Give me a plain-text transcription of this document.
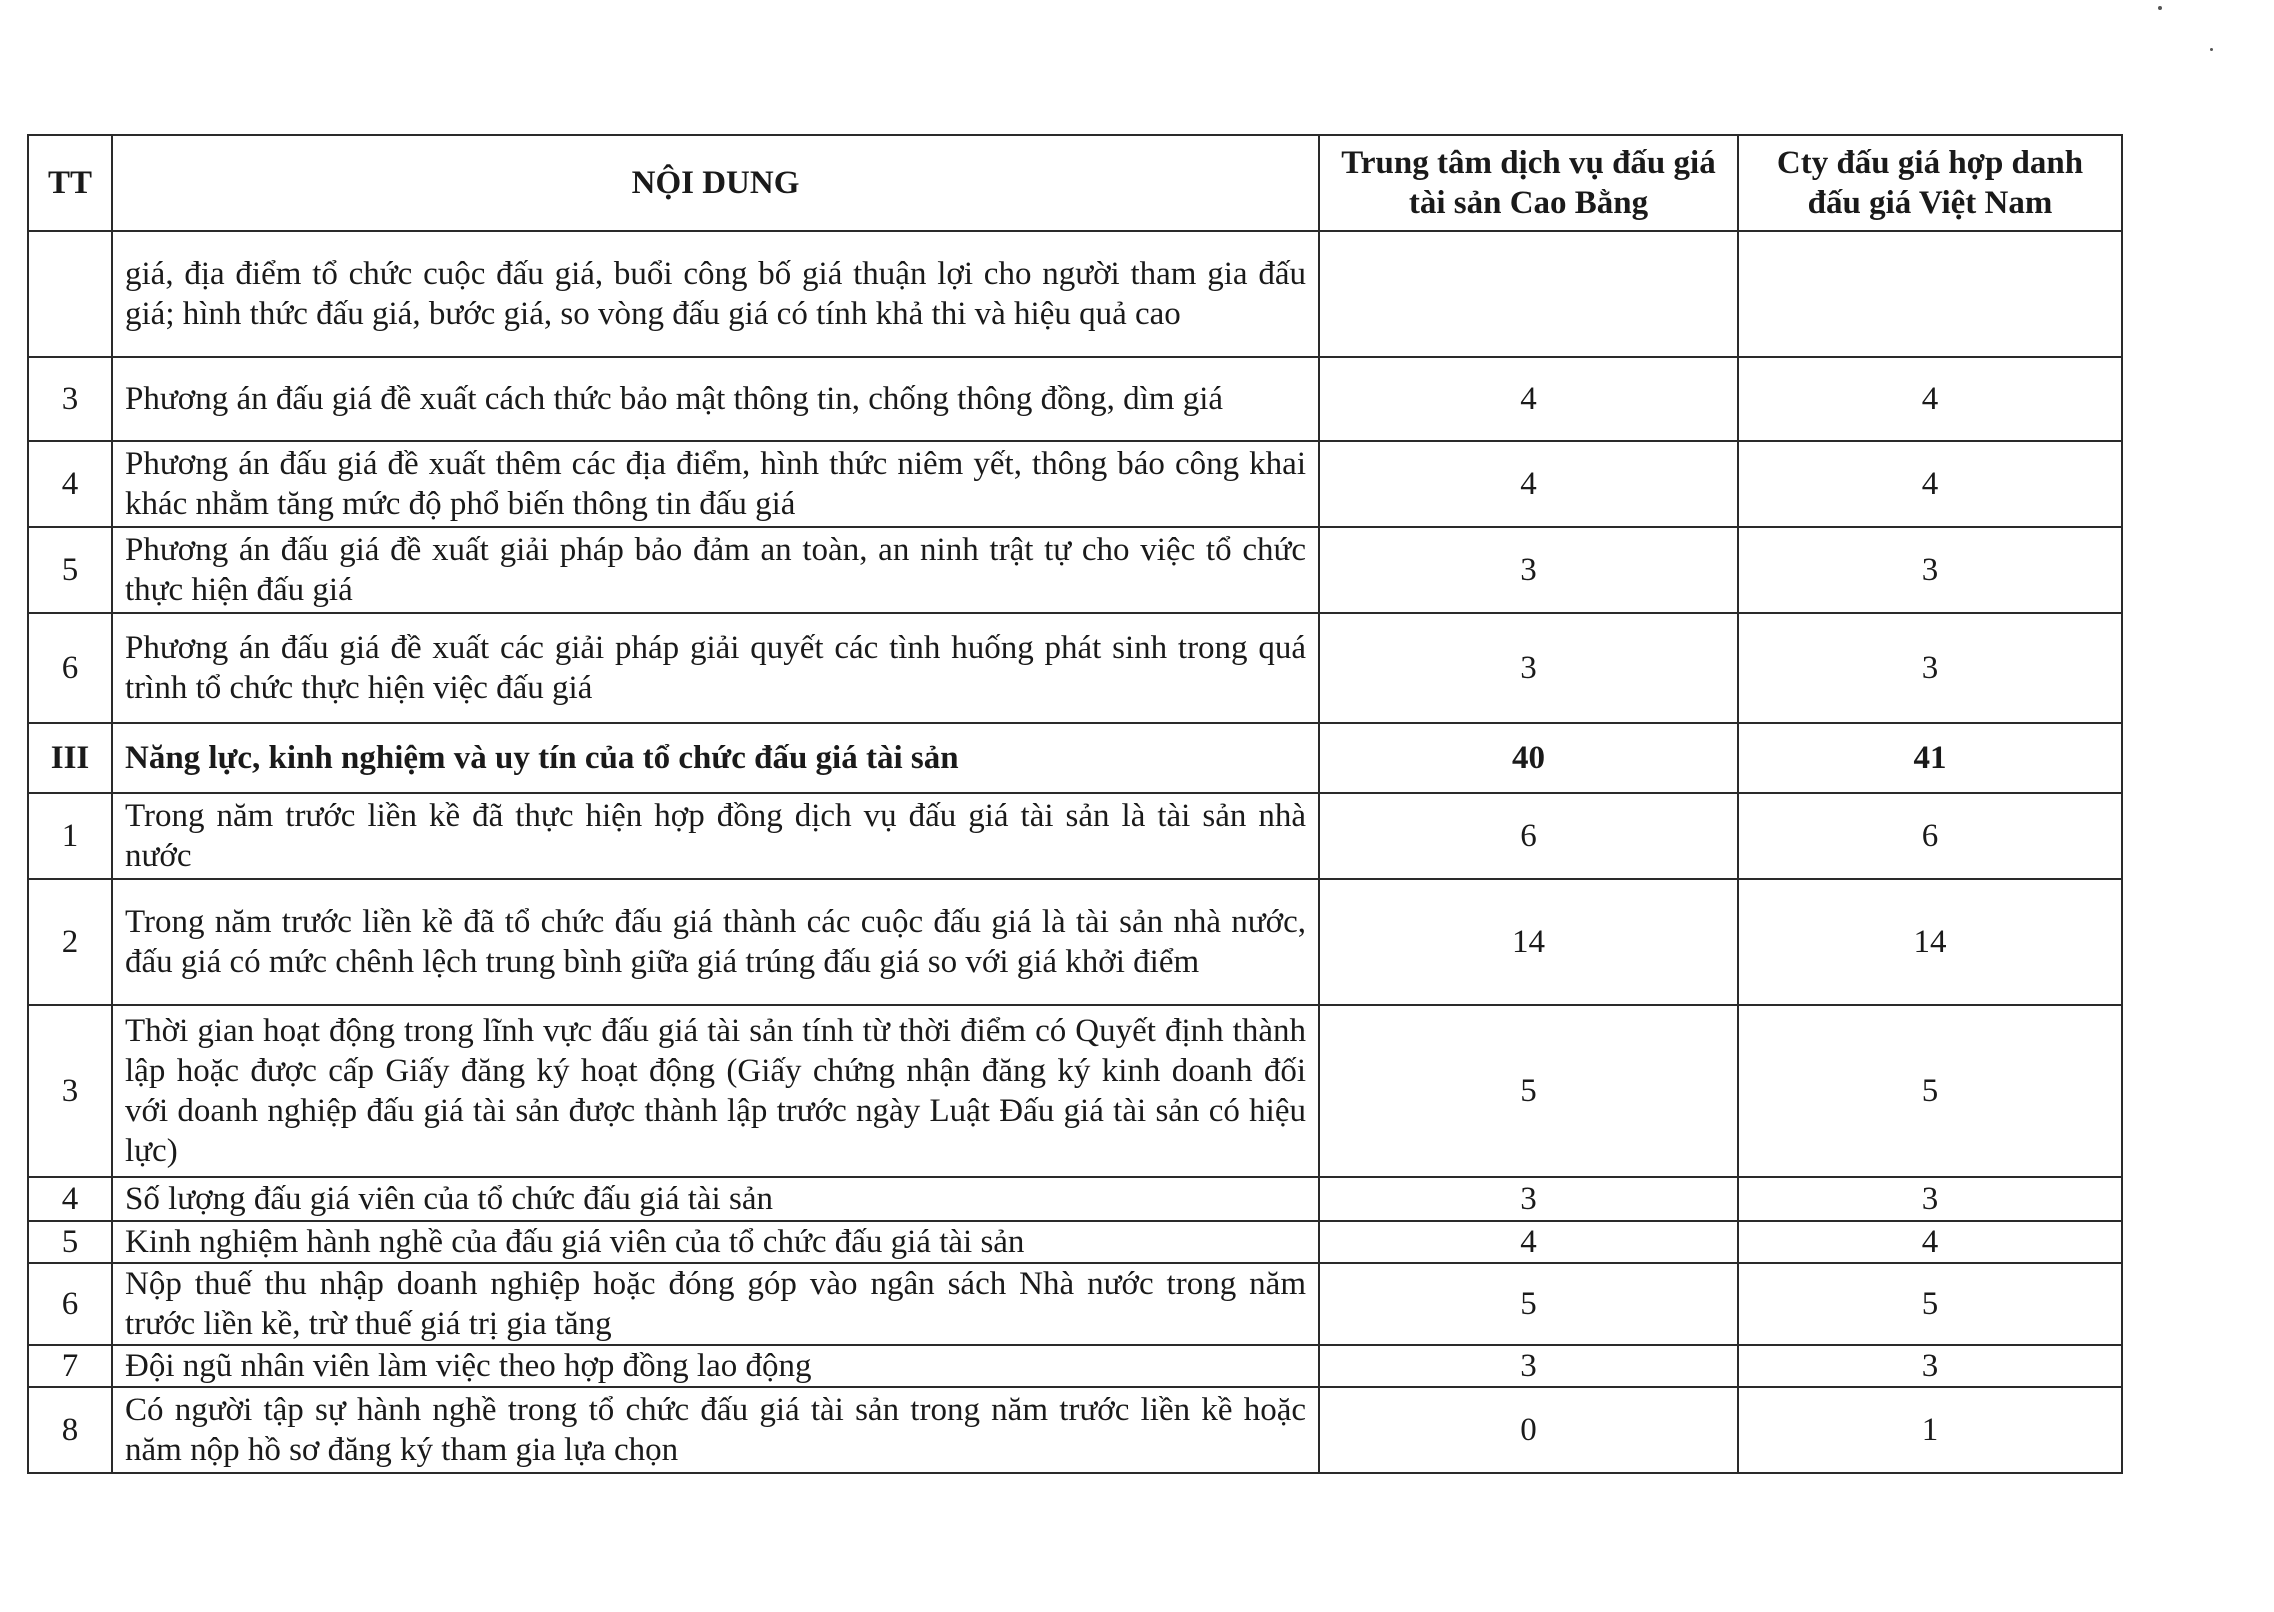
TT	NỘI DUNG	Trung tâm dịch vụ đấu giá tài sản Cao Bằng	Cty đấu giá hợp danh đấu giá Việt Nam
	giá, địa điểm tổ chức cuộc đấu giá, buổi công bố giá thuận lợi cho người tham gia đấu giá; hình thức đấu giá, bước giá, so vòng đấu giá có tính khả thi và hiệu quả cao		
3	Phương án đấu giá đề xuất cách thức bảo mật thông tin, chống thông đồng, dìm giá	4	4
4	Phương án đấu giá đề xuất thêm các địa điểm, hình thức niêm yết, thông báo công khai khác nhằm tăng mức độ phổ biến thông tin đấu giá	4	4
5	Phương án đấu giá đề xuất giải pháp bảo đảm an toàn, an ninh trật tự cho việc tổ chức thực hiện đấu giá	3	3
6	Phương án đấu giá đề xuất các giải pháp giải quyết các tình huống phát sinh trong quá trình tổ chức thực hiện việc đấu giá	3	3
III	Năng lực, kinh nghiệm và uy tín của tổ chức đấu giá tài sản	40	41
1	Trong năm trước liền kề đã thực hiện hợp đồng dịch vụ đấu giá tài sản là tài sản nhà nước	6	6
2	Trong năm trước liền kề đã tổ chức đấu giá thành các cuộc đấu giá là tài sản nhà nước, đấu giá có mức chênh lệch trung bình giữa giá trúng đấu giá so với giá khởi điểm	14	14
3	Thời gian hoạt động trong lĩnh vực đấu giá tài sản tính từ thời điểm có Quyết định thành lập hoặc được cấp Giấy đăng ký hoạt động (Giấy chứng nhận đăng ký kinh doanh đối với doanh nghiệp đấu giá tài sản được thành lập trước ngày Luật Đấu giá tài sản có hiệu lực)	5	5
4	Số lượng đấu giá viên của tổ chức đấu giá tài sản	3	3
5	Kinh nghiệm hành nghề của đấu giá viên của tổ chức đấu giá tài sản	4	4
6	Nộp thuế thu nhập doanh nghiệp hoặc đóng góp vào ngân sách Nhà nước trong năm trước liền kề, trừ thuế giá trị gia tăng	5	5
7	Đội ngũ nhân viên làm việc theo hợp đồng lao động	3	3
8	Có người tập sự hành nghề trong tổ chức đấu giá tài sản trong năm trước liền kề hoặc năm nộp hồ sơ đăng ký tham gia lựa chọn	0	1
